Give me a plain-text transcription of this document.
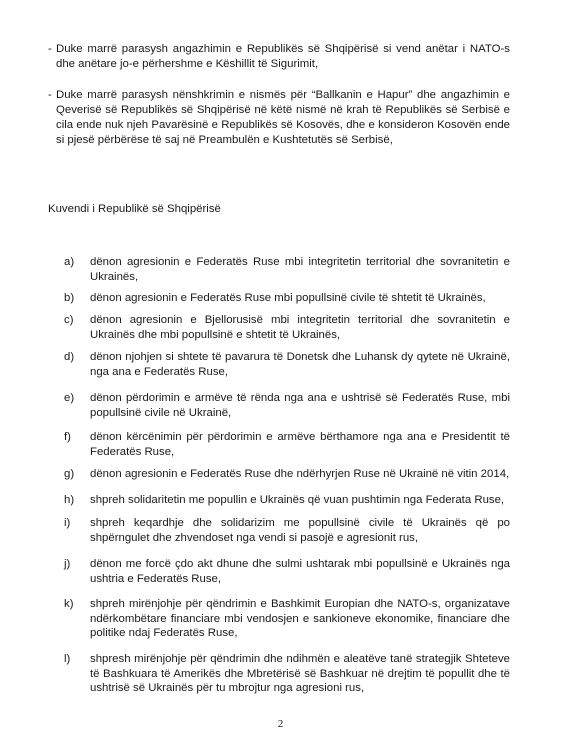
- Duke marrë parasysh angazhimin e Republikës së Shqipërisë si vend anëtar i NATO-s dhe anëtare jo-e përhershme e Këshillit të Sigurimit,
- Duke marrë parasysh nënshkrimin e nismës për “Ballkanin e Hapur” dhe angazhimin e Qeverisë së Republikës së Shqipërisë në këtë nismë në krah të Republikës së Serbisë e cila ende nuk njeh Pavarësinë e Republikës së Kosovës, dhe e konsideron Kosovën ende si pjesë përbërëse të saj në Preambulën e Kushtetutës së Serbisë,
Kuvendi i Republikë së Shqipërisë
a)	dënon agresionin e Federatës Ruse mbi integritetin territorial dhe sovranitetin e Ukrainës,
b)	dënon agresionin e Federatës Ruse mbi popullsinë civile të shtetit të Ukrainës,
c)	dënon agresionin e Bjellorusisë mbi integritetin territorial dhe sovranitetin e Ukrainës dhe mbi popullsinë e shtetit të Ukrainës,
d)	dënon njohjen si shtete të pavarura të Donetsk dhe Luhansk dy qytete në Ukrainë, nga ana e Federatës Ruse,
e)	dënon përdorimin e armëve të rënda nga ana e ushtrisë së Federatës Ruse, mbi popullsinë civile në Ukrainë,
f)	dënon kërcënimin për përdorimin e armëve bërthamore nga ana e Presidentit të Federatës Ruse,
g)	dënon agresionin e Federatës Ruse dhe ndërhyrjen Ruse në Ukrainë në vitin 2014,
h)	shpreh solidaritetin me popullin e Ukrainës që vuan pushtimin nga Federata Ruse,
i)	shpreh keqardhje dhe solidarizim me popullsinë civile të Ukrainës që po shpërngulet dhe zhvendoset nga vendi si pasojë e agresionit rus,
j)	dënon me forcë çdo akt dhune dhe sulmi ushtarak mbi popullsinë e Ukrainës nga ushtria e Federatës Ruse,
k)	shpreh mirënjohje për qëndrimin e Bashkimit Europian dhe NATO-s, organizatave ndërkombëtare financiare mbi vendosjen e sankioneve ekonomike, financiare dhe politike ndaj Federatës Ruse,
l)	shpresh mirënjohje për qëndrimin dhe ndihmën e aleatëve tanë strategjik Shteteve të Bashkuara të Amerikës dhe Mbretërisë së Bashkuar në drejtim të popullit dhe të ushtrisë së Ukrainës për tu mbrojtur nga agresioni rus,
2
